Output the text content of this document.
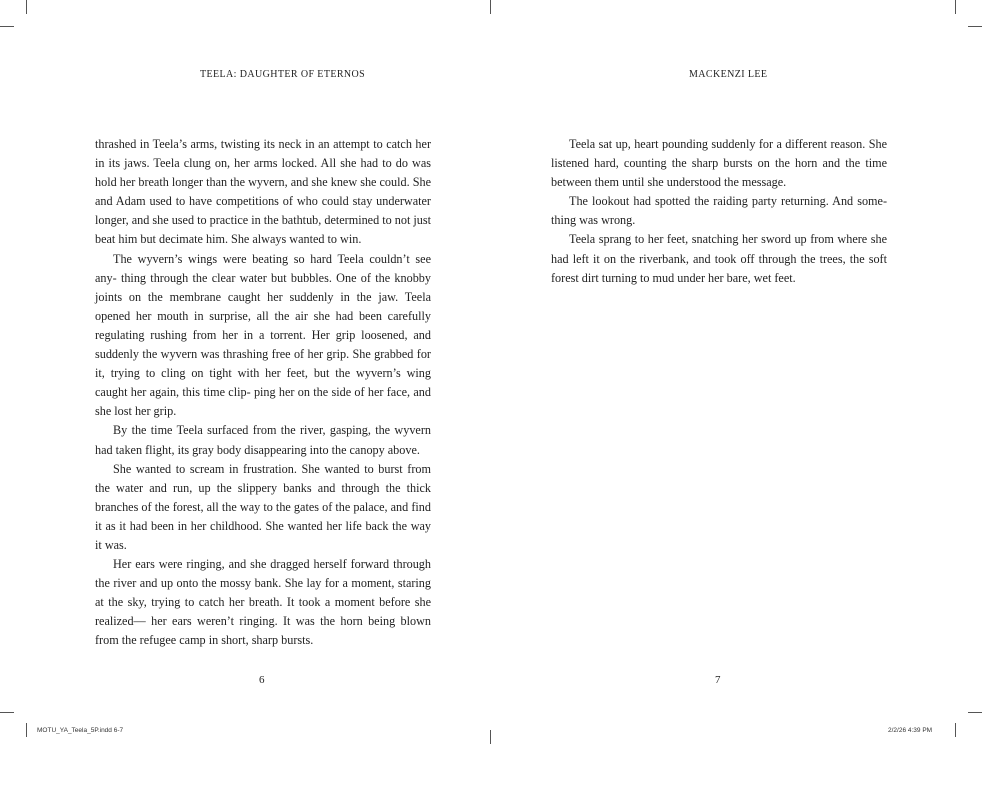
TEELA: DAUGHTER OF ETERNOS	MACKENZI LEE

thrashed in Teela’s arms, twisting its neck in an attempt to catch her in its jaws. Teela clung on, her arms locked. All she had to do was hold her breath longer than the wyvern, and she knew she could. She and Adam used to have competitions of who could stay underwater longer, and she used to practice in the bathtub, determined to not just beat him but decimate him. She always wanted to win.

The wyvern’s wings were beating so hard Teela couldn’t see any- thing through the clear water but bubbles. One of the knobby joints on the membrane caught her suddenly in the jaw. Teela opened her mouth in surprise, all the air she had been carefully regulating rushing from her in a torrent. Her grip loosened, and suddenly the wyvern was thrashing free of her grip. She grabbed for it, trying to cling on tight with her feet, but the wyvern’s wing caught her again, this time clip- ping her on the side of her face, and she lost her grip.

By the time Teela surfaced from the river, gasping, the wyvern had taken flight, its gray body disappearing into the canopy above.

She wanted to scream in frustration. She wanted to burst from the water and run, up the slippery banks and through the thick branches of the forest, all the way to the gates of the palace, and find it as it had been in her childhood. She wanted her life back the way it was.

Her ears were ringing, and she dragged herself forward through the river and up onto the mossy bank. She lay for a moment, staring at the sky, trying to catch her breath. It took a moment before she realized— her ears weren’t ringing. It was the horn being blown from the refugee camp in short, sharp bursts.

Teela sat up, heart pounding suddenly for a different reason. She listened hard, counting the sharp bursts on the horn and the time between them until she understood the message.

The lookout had spotted the raiding party returning. And some- thing was wrong.

Teela sprang to her feet, snatching her sword up from where she had left it on the riverbank, and took off through the trees, the soft forest dirt turning to mud under her bare, wet feet.

6	7
MOTU_YA_Teela_5P.indd 6-7	2/2/26 4:39 PM
